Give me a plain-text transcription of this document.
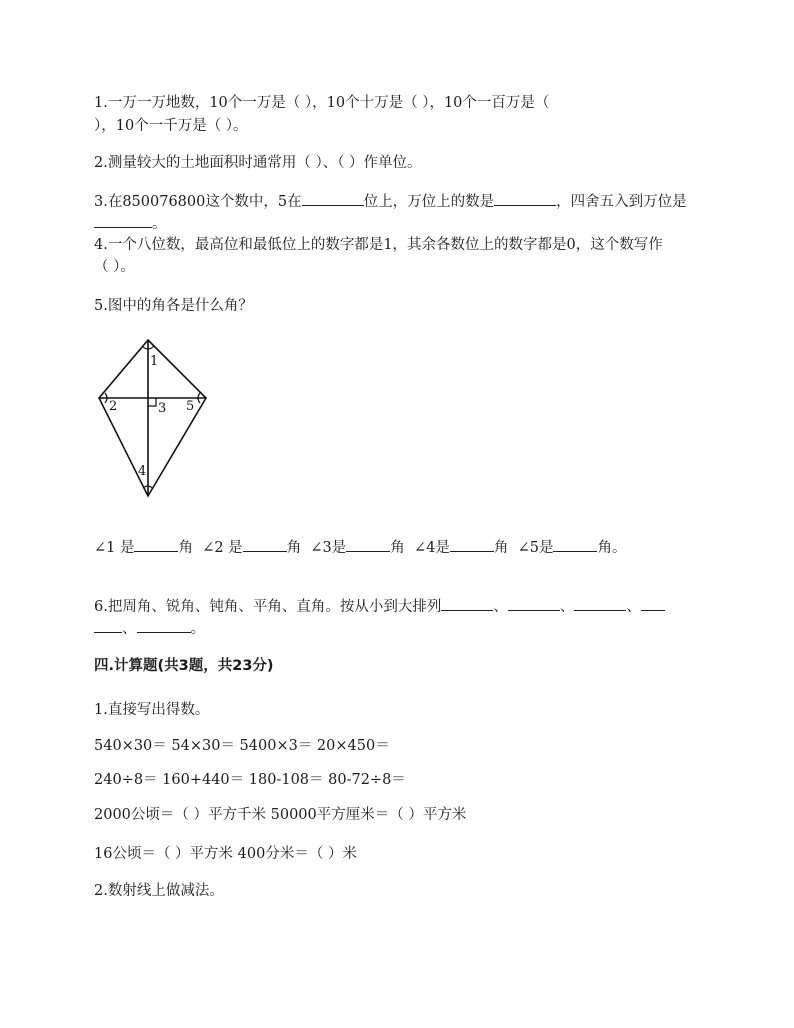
1.一万一万地数，10个一万是（ ），10个十万是（ ），10个一百万是（
），10个一千万是（ ）。
2.测量较大的土地面积时通常用（ ）、（ ）作单位。
3.在850076800这个数中，5在	位上，万位上的数是	，四舍五入到万位是
。
4.一个八位数，最高位和最低位上的数字都是1，其余各数位上的数字都是0，这个数写作
（ ）。
5.图中的角各是什么角？
1
2	3
4
5
∠1 是	角 ∠2 是	角 ∠3是	角 ∠4是	角 ∠5是	角。
6.把周角、锐角、钝角、平角、直角。按从小到大排列	、	、	、
、	。
四.计算题(共3题，共23分)
1.直接写出得数。
540×30＝ 54×30＝ 5400×3＝ 20×450＝
240÷8＝ 160+440＝ 180-108＝ 80-72÷8＝
2000公顷＝（ ）平方千米 50000平方厘米＝（ ）平方米
16公顷＝（ ）平方米 400分米＝（ ）米
2.数射线上做减法。
